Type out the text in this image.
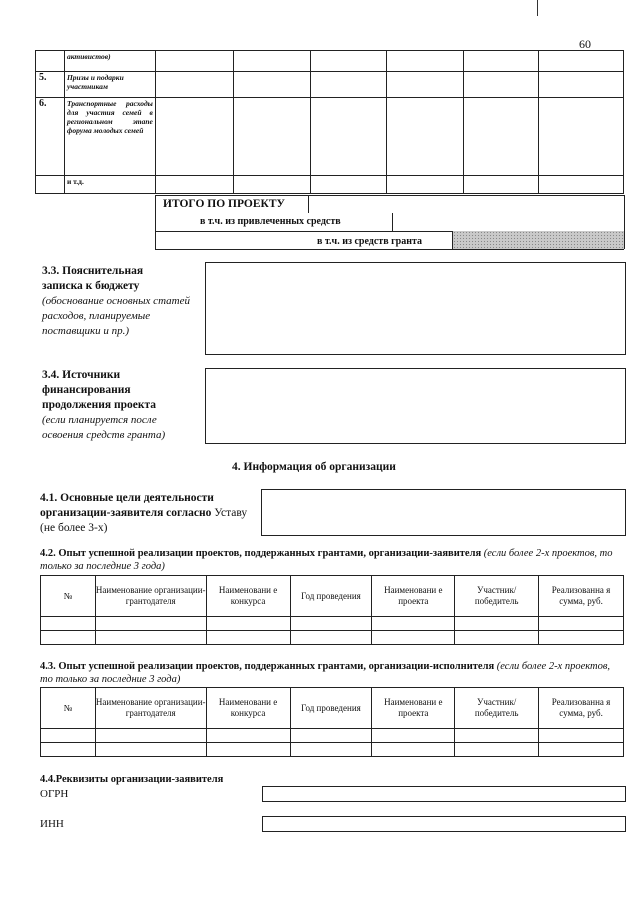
60
	активистов)						
5.	Призы и подарки участникам						
6.	Транспортные расходы для участия семей в региональном этапе форума молодых семей						
	и т.д.						
ИТОГО ПО ПРОЕКТУ
в т.ч. из привлеченных средств
в т.ч. из средств гранта
3.3. Пояснительная записка к бюджету
(обоснование основных статей расходов, планируемые поставщики и пр.)
3.4. Источники финансирования продолжения проекта
(если планируется после освоения средств гранта)
4. Информация об организации
4.1. Основные цели деятельности организации-заявителя согласно Уставу (не более 3-х)
4.2. Опыт успешной реализации проектов, поддержанных грантами, организации-заявителя (если более 2-х проектов, то только за последние 3 года)
№	Наименование организации-грантодателя	Наименовани е конкурса	Год проведения	Наименовани е проекта	Участник/ победитель	Реализованна я сумма, руб.

4.3. Опыт успешной реализации проектов, поддержанных грантами, организации-исполнителя (если более 2-х проектов, то только за последние 3 года)
№	Наименование организации-грантодателя	Наименовани е конкурса	Год проведения	Наименовани е проекта	Участник/ победитель	Реализованна я сумма, руб.

4.4.Реквизиты организации-заявителя
ОГРН
ИНН
